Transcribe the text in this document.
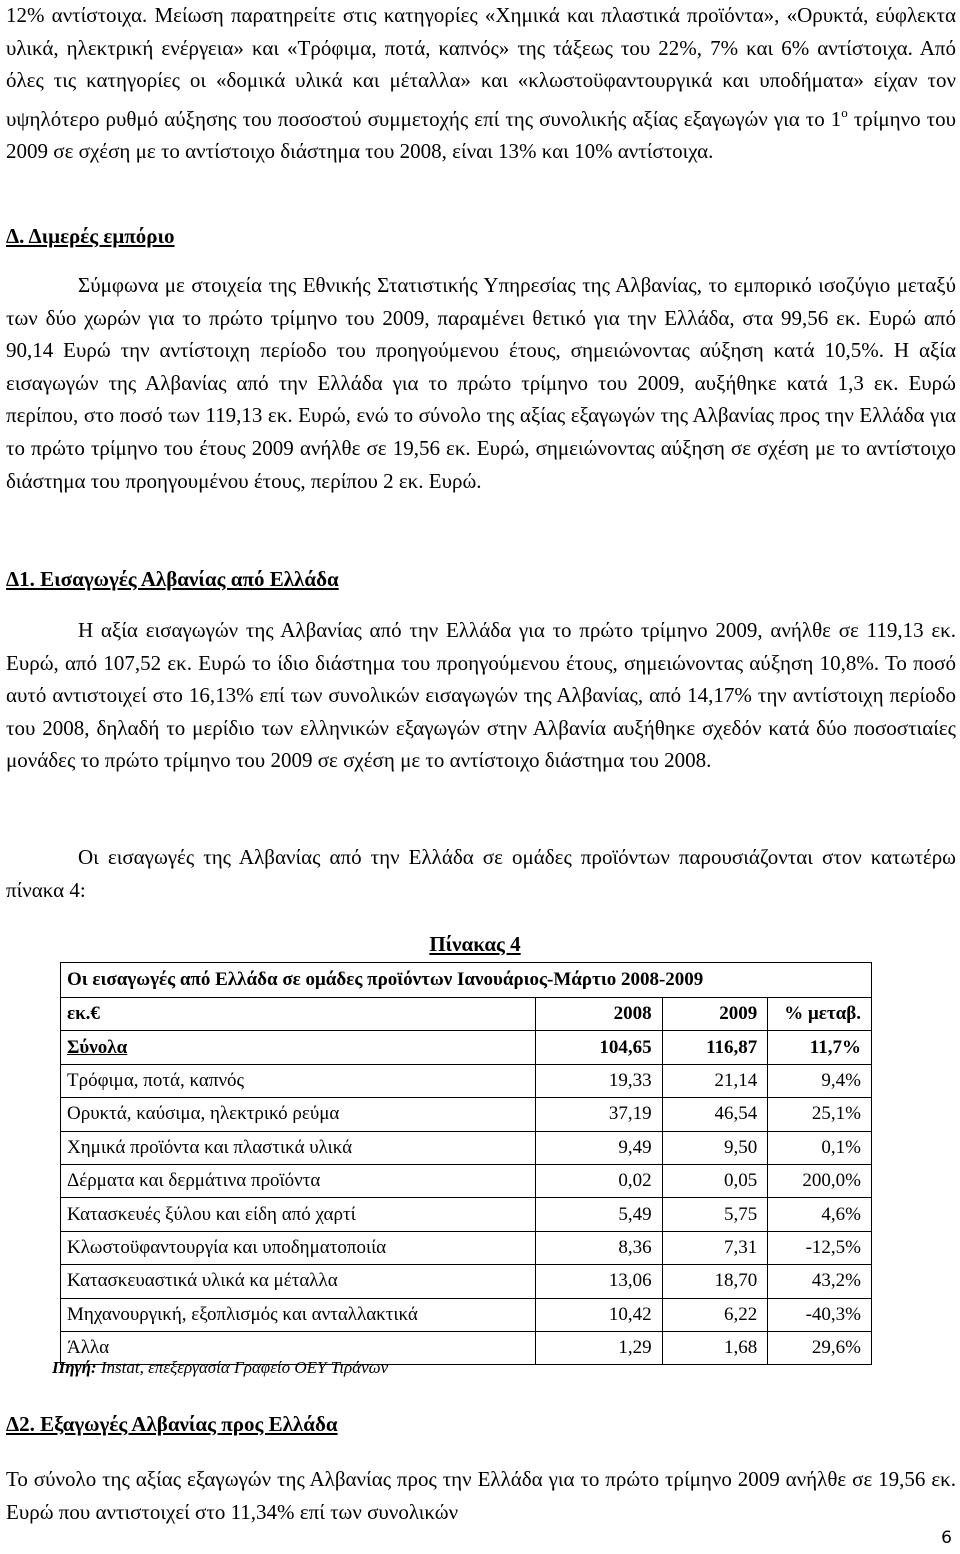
12% αντίστοιχα. Μείωση παρατηρείτε στις κατηγορίες «Χημικά και πλαστικά προϊόντα», «Ορυκτά, εύφλεκτα υλικά, ηλεκτρική ενέργεια» και «Τρόφιμα, ποτά, καπνός» της τάξεως του 22%, 7% και 6% αντίστοιχα. Από όλες τις κατηγορίες οι «δομικά υλικά και μέταλλα» και «κλωστοϋφαντουργικά και υποδήματα» είχαν τον υψηλότερο ρυθμό αύξησης του ποσοστού συμμετοχής επί της συνολικής αξίας εξαγωγών για το $1^o$ τρίμηνο του 2009 σε σχέση με το αντίστοιχο διάστημα του 2008, είναι 13% και 10% αντίστοιχα.

Δ. Διμερές εμπόριο

Σύμφωνα με στοιχεία της Εθνικής Στατιστικής Υπηρεσίας της Αλβανίας, το εμπορικό ισοζύγιο μεταξύ των δύο χωρών για το πρώτο τρίμηνο του 2009, παραμένει θετικό για την Ελλάδα, στα 99,56 εκ. Ευρώ από 90,14 Ευρώ την αντίστοιχη περίοδο του προηγούμενου έτους, σημειώνοντας αύξηση κατά 10,5%. Η αξία εισαγωγών της Αλβανίας από την Ελλάδα για το πρώτο τρίμηνο του 2009, αυξήθηκε κατά 1,3 εκ. Ευρώ περίπου, στο ποσό των 119,13 εκ. Ευρώ, ενώ το σύνολο της αξίας εξαγωγών της Αλβανίας προς την Ελλάδα για το πρώτο τρίμηνο του έτους 2009 ανήλθε σε 19,56 εκ. Ευρώ, σημειώνοντας αύξηση σε σχέση με το αντίστοιχο διάστημα του προηγουμένου έτους, περίπου 2 εκ. Ευρώ.

Δ1. Εισαγωγές Αλβανίας από Ελλάδα

Η αξία εισαγωγών της Αλβανίας από την Ελλάδα για το πρώτο τρίμηνο 2009, ανήλθε σε 119,13 εκ. Ευρώ, από 107,52 εκ. Ευρώ το ίδιο διάστημα του προηγούμενου έτους, σημειώνοντας αύξηση 10,8%. Το ποσό αυτό αντιστοιχεί στο 16,13% επί των συνολικών εισαγωγών της Αλβανίας, από 14,17% την αντίστοιχη περίοδο του 2008, δηλαδή το μερίδιο των ελληνικών εξαγωγών στην Αλβανία αυξήθηκε σχεδόν κατά δύο ποσοστιαίες μονάδες το πρώτο τρίμηνο του 2009 σε σχέση με το αντίστοιχο διάστημα του 2008.

Οι εισαγωγές της Αλβανίας από την Ελλάδα σε ομάδες προϊόντων παρουσιάζονται στον κατωτέρω πίνακα 4:

Πίνακας 4
Οι εισαγωγές από Ελλάδα σε ομάδες προϊόντων Ιανουάριος-Μάρτιο 2008-2009			
εκ.€	2008	2009	% μεταβ.
Σύνολα	104,65	116,87	11,7%
Τρόφιμα, ποτά, καπνός	19,33	21,14	9,4%
Ορυκτά, καύσιμα, ηλεκτρικό ρεύμα	37,19	46,54	25,1%
Χημικά προϊόντα και πλαστικά υλικά	9,49	9,50	0,1%
Δέρματα και δερμάτινα προϊόντα	0,02	0,05	200,0%
Κατασκευές ξύλου και είδη από χαρτί	5,49	5,75	4,6%
Κλωστοϋφαντουργία και υποδηματοποιία	8,36	7,31	-12,5%
Κατασκευαστικά υλικά κα μέταλλα	13,06	18,70	43,2%
Μηχανουργική, εξοπλισμός και ανταλλακτικά	10,42	6,22	-40,3%
Άλλα	1,29	1,68	29,6%
Πηγή: Instat, επεξεργασία Γραφείο ΟΕΥ Τιράνων
Δ2. Εξαγωγές Αλβανίας προς Ελλάδα

Το σύνολο της αξίας εξαγωγών της Αλβανίας προς την Ελλάδα για το πρώτο τρίμηνο 2009 ανήλθε σε 19,56 εκ. Ευρώ που αντιστοιχεί στο 11,34% επί των συνολικών

6
